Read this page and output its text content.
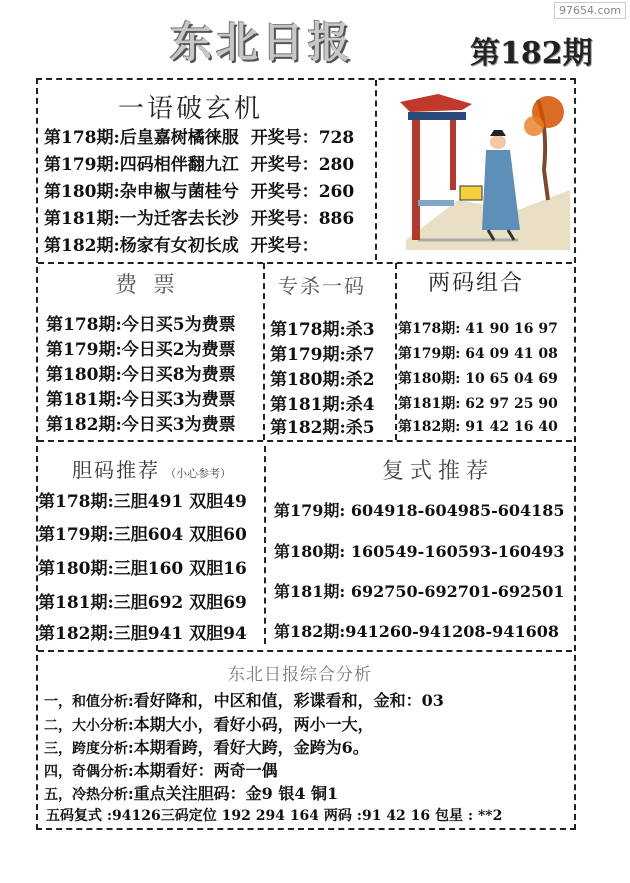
97654.com
东北日报	第182期
一语破玄机
第178期:后皇嘉树橘徕服 开奖号：728
第179期:四码相伴翻九江 开奖号：280
第180期:杂申椒与菌桂兮 开奖号：260
第181期:一为迁客去长沙 开奖号：886
第182期:杨家有女初长成 开奖号：
费票
第178期:今日买5为费票
第179期:今日买2为费票
第180期:今日买8为费票
第181期:今日买3为费票
第182期:今日买3为费票
专杀一码
第178期:杀3
第179期:杀7
第180期:杀2
第181期:杀4
第182期:杀5
两码组合
第178期: 41 90 16 97
第179期: 64 09 41 08
第180期: 10 65 04 69
第181期: 62 97 25 90
第182期: 91 42 16 40
胆码推荐 （小心参考）
第178期:三胆491 双胆49
第179期:三胆604 双胆60
第180期:三胆160 双胆16
第181期:三胆692 双胆69
第182期:三胆941 双胆94
复式推荐
第179期: 604918-604985-604185
第180期: 160549-160593-160493
第181期: 692750-692701-692501
第182期:941260-941208-941608
东北日报综合分析
一，和值分析:看好降和，中区和值，彩谍看和，金和：03
二，大小分析:本期大小，看好小码，两小一大，
三，跨度分析:本期看跨，看好大跨，金跨为6。
四，奇偶分析:本期看好：两奇一偶
五，冷热分析:重点关注胆码：金9 银4 铜1
五码复式 :94126三码定位 192 294 164 两码 :91 42 16 包星 : **2
